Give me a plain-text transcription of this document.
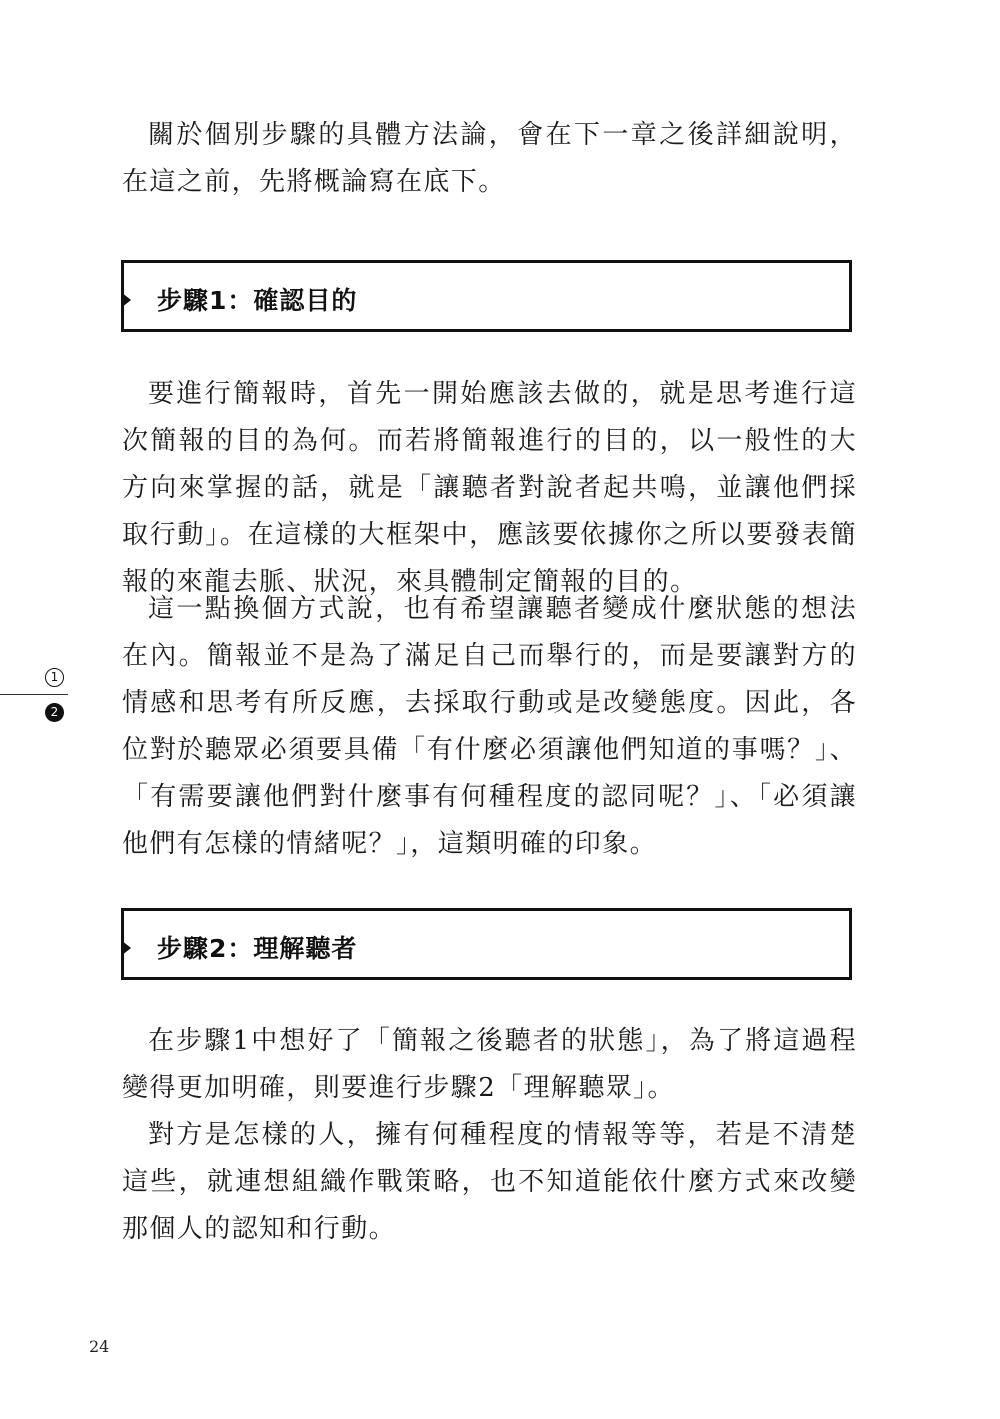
關於個別步驟的具體方法論，會在下一章之後詳細說明，在這之前，先將概論寫在底下。

步驟1：確認目的

要進行簡報時，首先一開始應該去做的，就是思考進行這次簡報的目的為何。而若將簡報進行的目的，以一般性的大方向來掌握的話，就是「讓聽者對說者起共鳴，並讓他們採取行動」。在這樣的大框架中，應該要依據你之所以要發表簡報的來龍去脈、狀況，來具體制定簡報的目的。

這一點換個方式說，也有希望讓聽者變成什麼狀態的想法在內。簡報並不是為了滿足自己而舉行的，而是要讓對方的情感和思考有所反應，去採取行動或是改變態度。因此，各位對於聽眾必須要具備「有什麼必須讓他們知道的事嗎？」、「有需要讓他們對什麼事有何種程度的認同呢？」、「必須讓他們有怎樣的情緒呢？」，這類明確的印象。

步驟2：理解聽者

在步驟1中想好了「簡報之後聽者的狀態」，為了將這過程變得更加明確，則要進行步驟2「理解聽眾」。

對方是怎樣的人，擁有何種程度的情報等等，若是不清楚這些，就連想組織作戰策略，也不知道能依什麼方式來改變那個人的認知和行動。

1
2
24
